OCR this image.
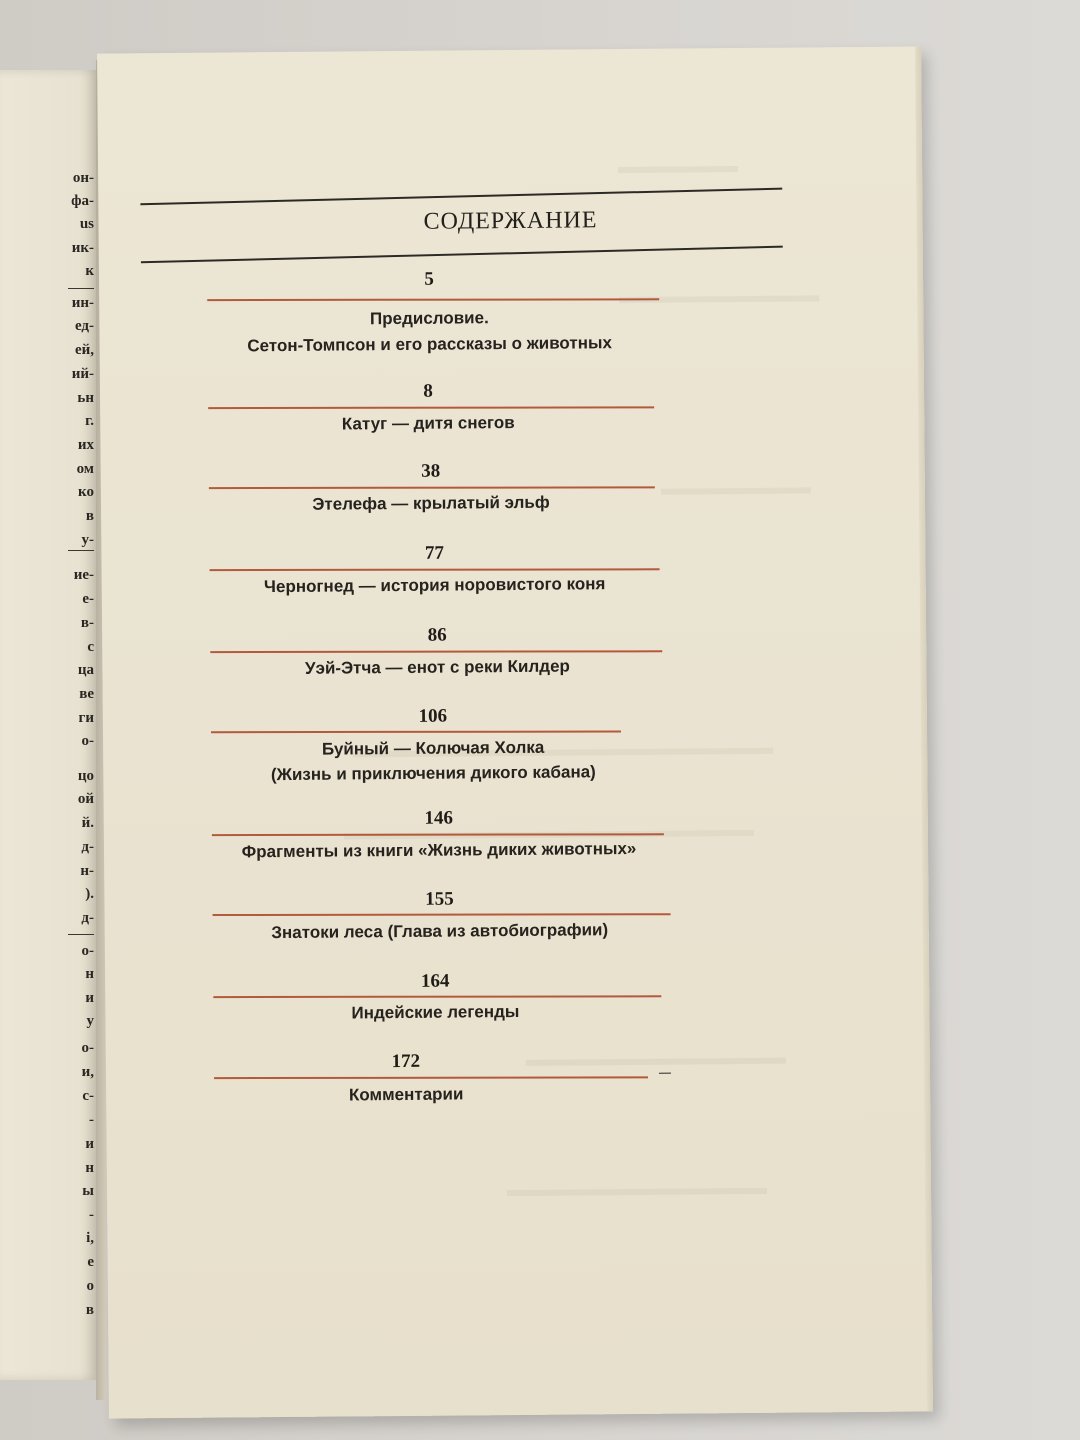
он-
фа-
us
ик-
к
ин-
ед-
ей,
ий-
ьн
г.
их
ом
ко
в
у-
ие-
е-
в-
с
ца
ве
ги
о-
цо
ой
й.
д-
н-
).
д-
о-
н
и
у
о-
и,
с-
-
и
н
ы
-
і,
е
о
в
СОДЕРЖАНИЕ
5
Предисловие.
Сетон-Томпсон и его рассказы о животных
8
Катуг — дитя снегов
38
Этелефа — крылатый эльф
77
Черногнед — история норовистого коня
86
Уэй-Этча — енот с реки Килдер
106
Буйный — Колючая Холка
(Жизнь и приключения дикого кабана)
146
Фрагменты из книги «Жизнь диких животных»
155
Знатоки леса (Глава из автобиографии)
164
Индейские легенды
172
Комментарии
